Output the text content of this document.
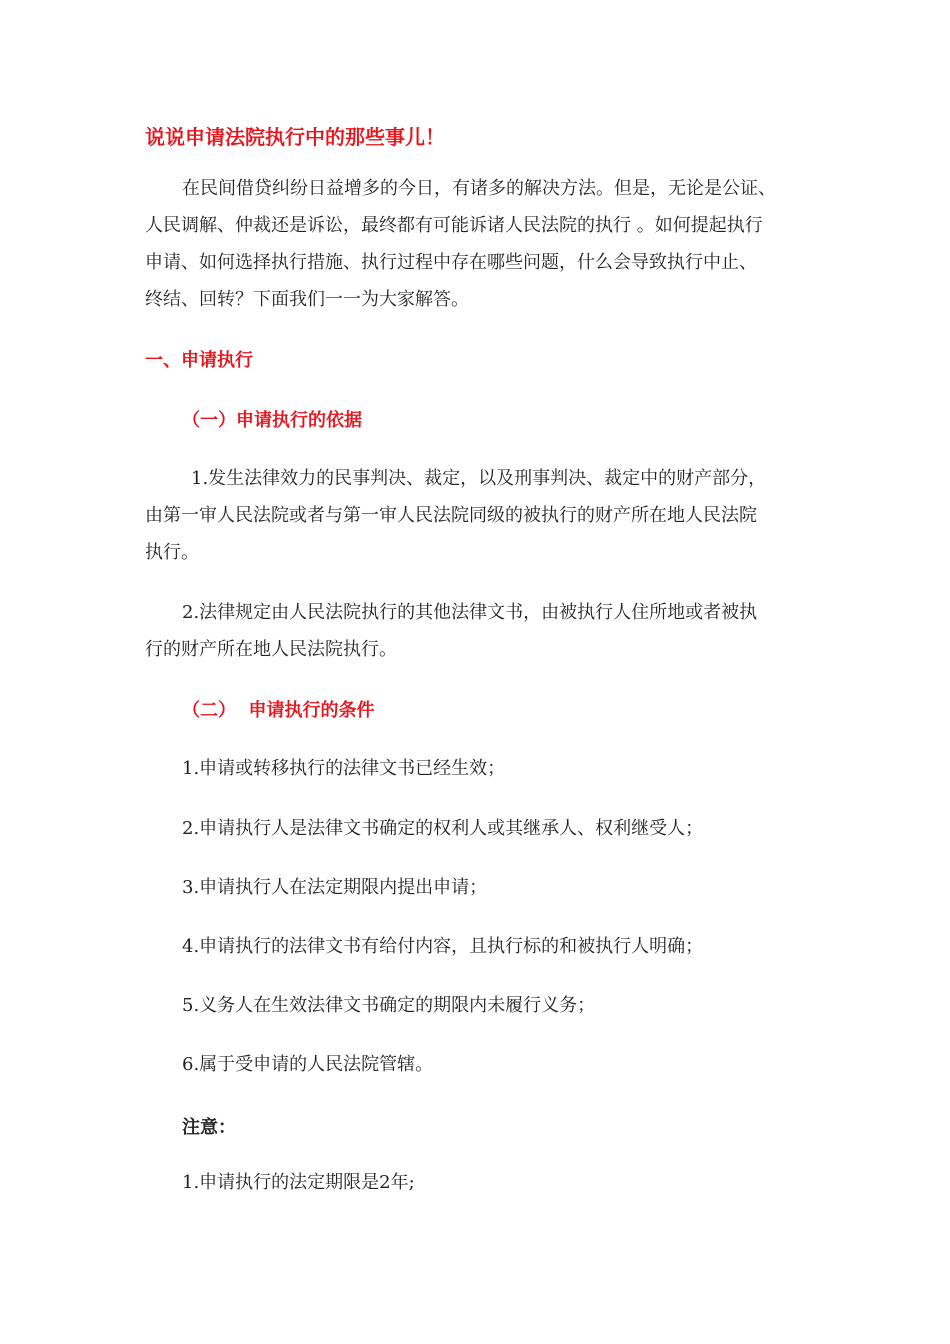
说说申请法院执行中的那些事儿！
在民间借贷纠纷日益增多的今日，有诸多的解决方法。但是，无论是公证、
人民调解、仲裁还是诉讼，最终都有可能诉诸人民法院的执行 。如何提起执行
申请、如何选择执行措施、执行过程中存在哪些问题，什么会导致执行中止、
终结、回转？下面我们一一为大家解答。
一、申请执行
（一）申请执行的依据
1.发生法律效力的民事判决、裁定，以及刑事判决、裁定中的财产部分，
由第一审人民法院或者与第一审人民法院同级的被执行的财产所在地人民法院
执行。
2.法律规定由人民法院执行的其他法律文书，由被执行人住所地或者被执
行的财产所在地人民法院执行。
（二）  申请执行的条件
1.申请或转移执行的法律文书已经生效；
2.申请执行人是法律文书确定的权利人或其继承人、权利继受人；
3.申请执行人在法定期限内提出申请；
4.申请执行的法律文书有给付内容，且执行标的和被执行人明确；
5.义务人在生效法律文书确定的期限内未履行义务；
6.属于受申请的人民法院管辖。
注意：
1.申请执行的法定期限是2年;
